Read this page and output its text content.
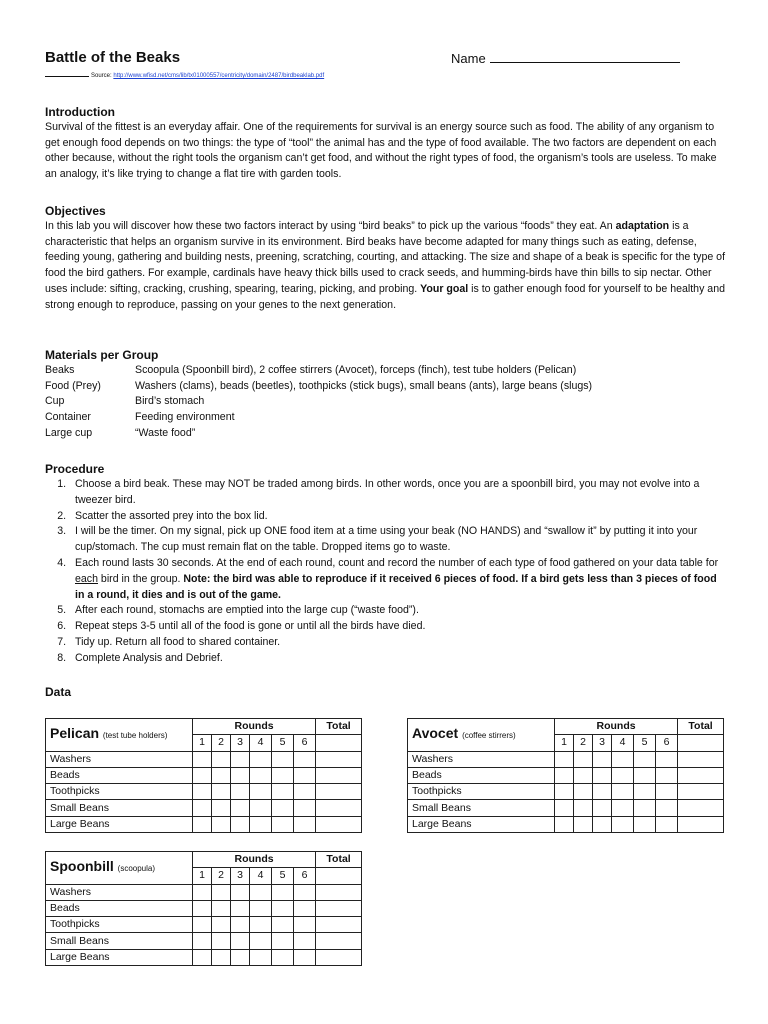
Battle of the Beaks	Name
Source: http://www.wfisd.net/cms/lib/tx01000557/centricity/domain/2487/birdbeaklab.pdf
Introduction

Survival of the fittest is an everyday affair. One of the requirements for survival is an energy source such as food. The ability of any organism to get enough food depends on two things: the type of “tool” the animal has and the type of food available. The two factors are dependent on each other because, without the right tools the organism can’t get food, and without the right types of food, the organism’s tools are useless. To make an analogy, it’s like trying to change a flat tire with garden tools.

Objectives

In this lab you will discover how these two factors interact by using “bird beaks” to pick up the various “foods” they eat. An adaptation is a characteristic that helps an organism survive in its environment. Bird beaks have become adapted for many things such as eating, defense, feeding young, gathering and building nests, preening, scratching, courting, and attacking. The size and shape of a beak is specific for the type of food the bird gathers. For example, cardinals have heavy thick bills used to crack seeds, and humming-birds have thin bills to sip nectar. Other uses include: sifting, cracking, crushing, spearing, tearing, picking, and probing. Your goal is to gather enough food for yourself to be healthy and strong enough to reproduce, passing on your genes to the next generation.

Materials per Group
Beaks	Scoopula (Spoonbill bird), 2 coffee stirrers (Avocet), forceps (finch), test tube holders (Pelican)
Food (Prey)	Washers (clams), beads (beetles), toothpicks (stick bugs), small beans (ants), large beans (slugs)
Cup	Bird’s stomach
Container	Feeding environment
Large cup	“Waste food”
Procedure
1. Choose a bird beak. These may NOT be traded among birds. In other words, once you are a spoonbill bird, you may not evolve into a tweezer bird.
2. Scatter the assorted prey into the box lid.
3. I will be the timer. On my signal, pick up ONE food item at a time using your beak (NO HANDS) and “swallow it” by putting it into your cup/stomach. The cup must remain flat on the table. Dropped items go to waste.
4. Each round lasts 30 seconds. At the end of each round, count and record the number of each type of food gathered on your data table for each bird in the group. Note: the bird was able to reproduce if it received 6 pieces of food. If a bird gets less than 3 pieces of food in a round, it dies and is out of the game.
5. After each round, stomachs are emptied into the large cup (“waste food”).
6. Repeat steps 3-5 until all of the food is gone or until all the birds have died.
7. Tidy up. Return all food to shared container.
8. Complete Analysis and Debrief.
Data
Pelican (test tube holders)	Rounds						Total
	1	2	3	4	5	6	
Washers							
Beads							
Toothpicks							
Small Beans							
Large Beans							
Avocet (coffee stirrers)	Rounds						Total
	1	2	3	4	5	6	
Washers							
Beads							
Toothpicks							
Small Beans							
Large Beans							
Spoonbill (scoopula)	Rounds						Total
	1	2	3	4	5	6	
Washers							
Beads							
Toothpicks							
Small Beans							
Large Beans							
